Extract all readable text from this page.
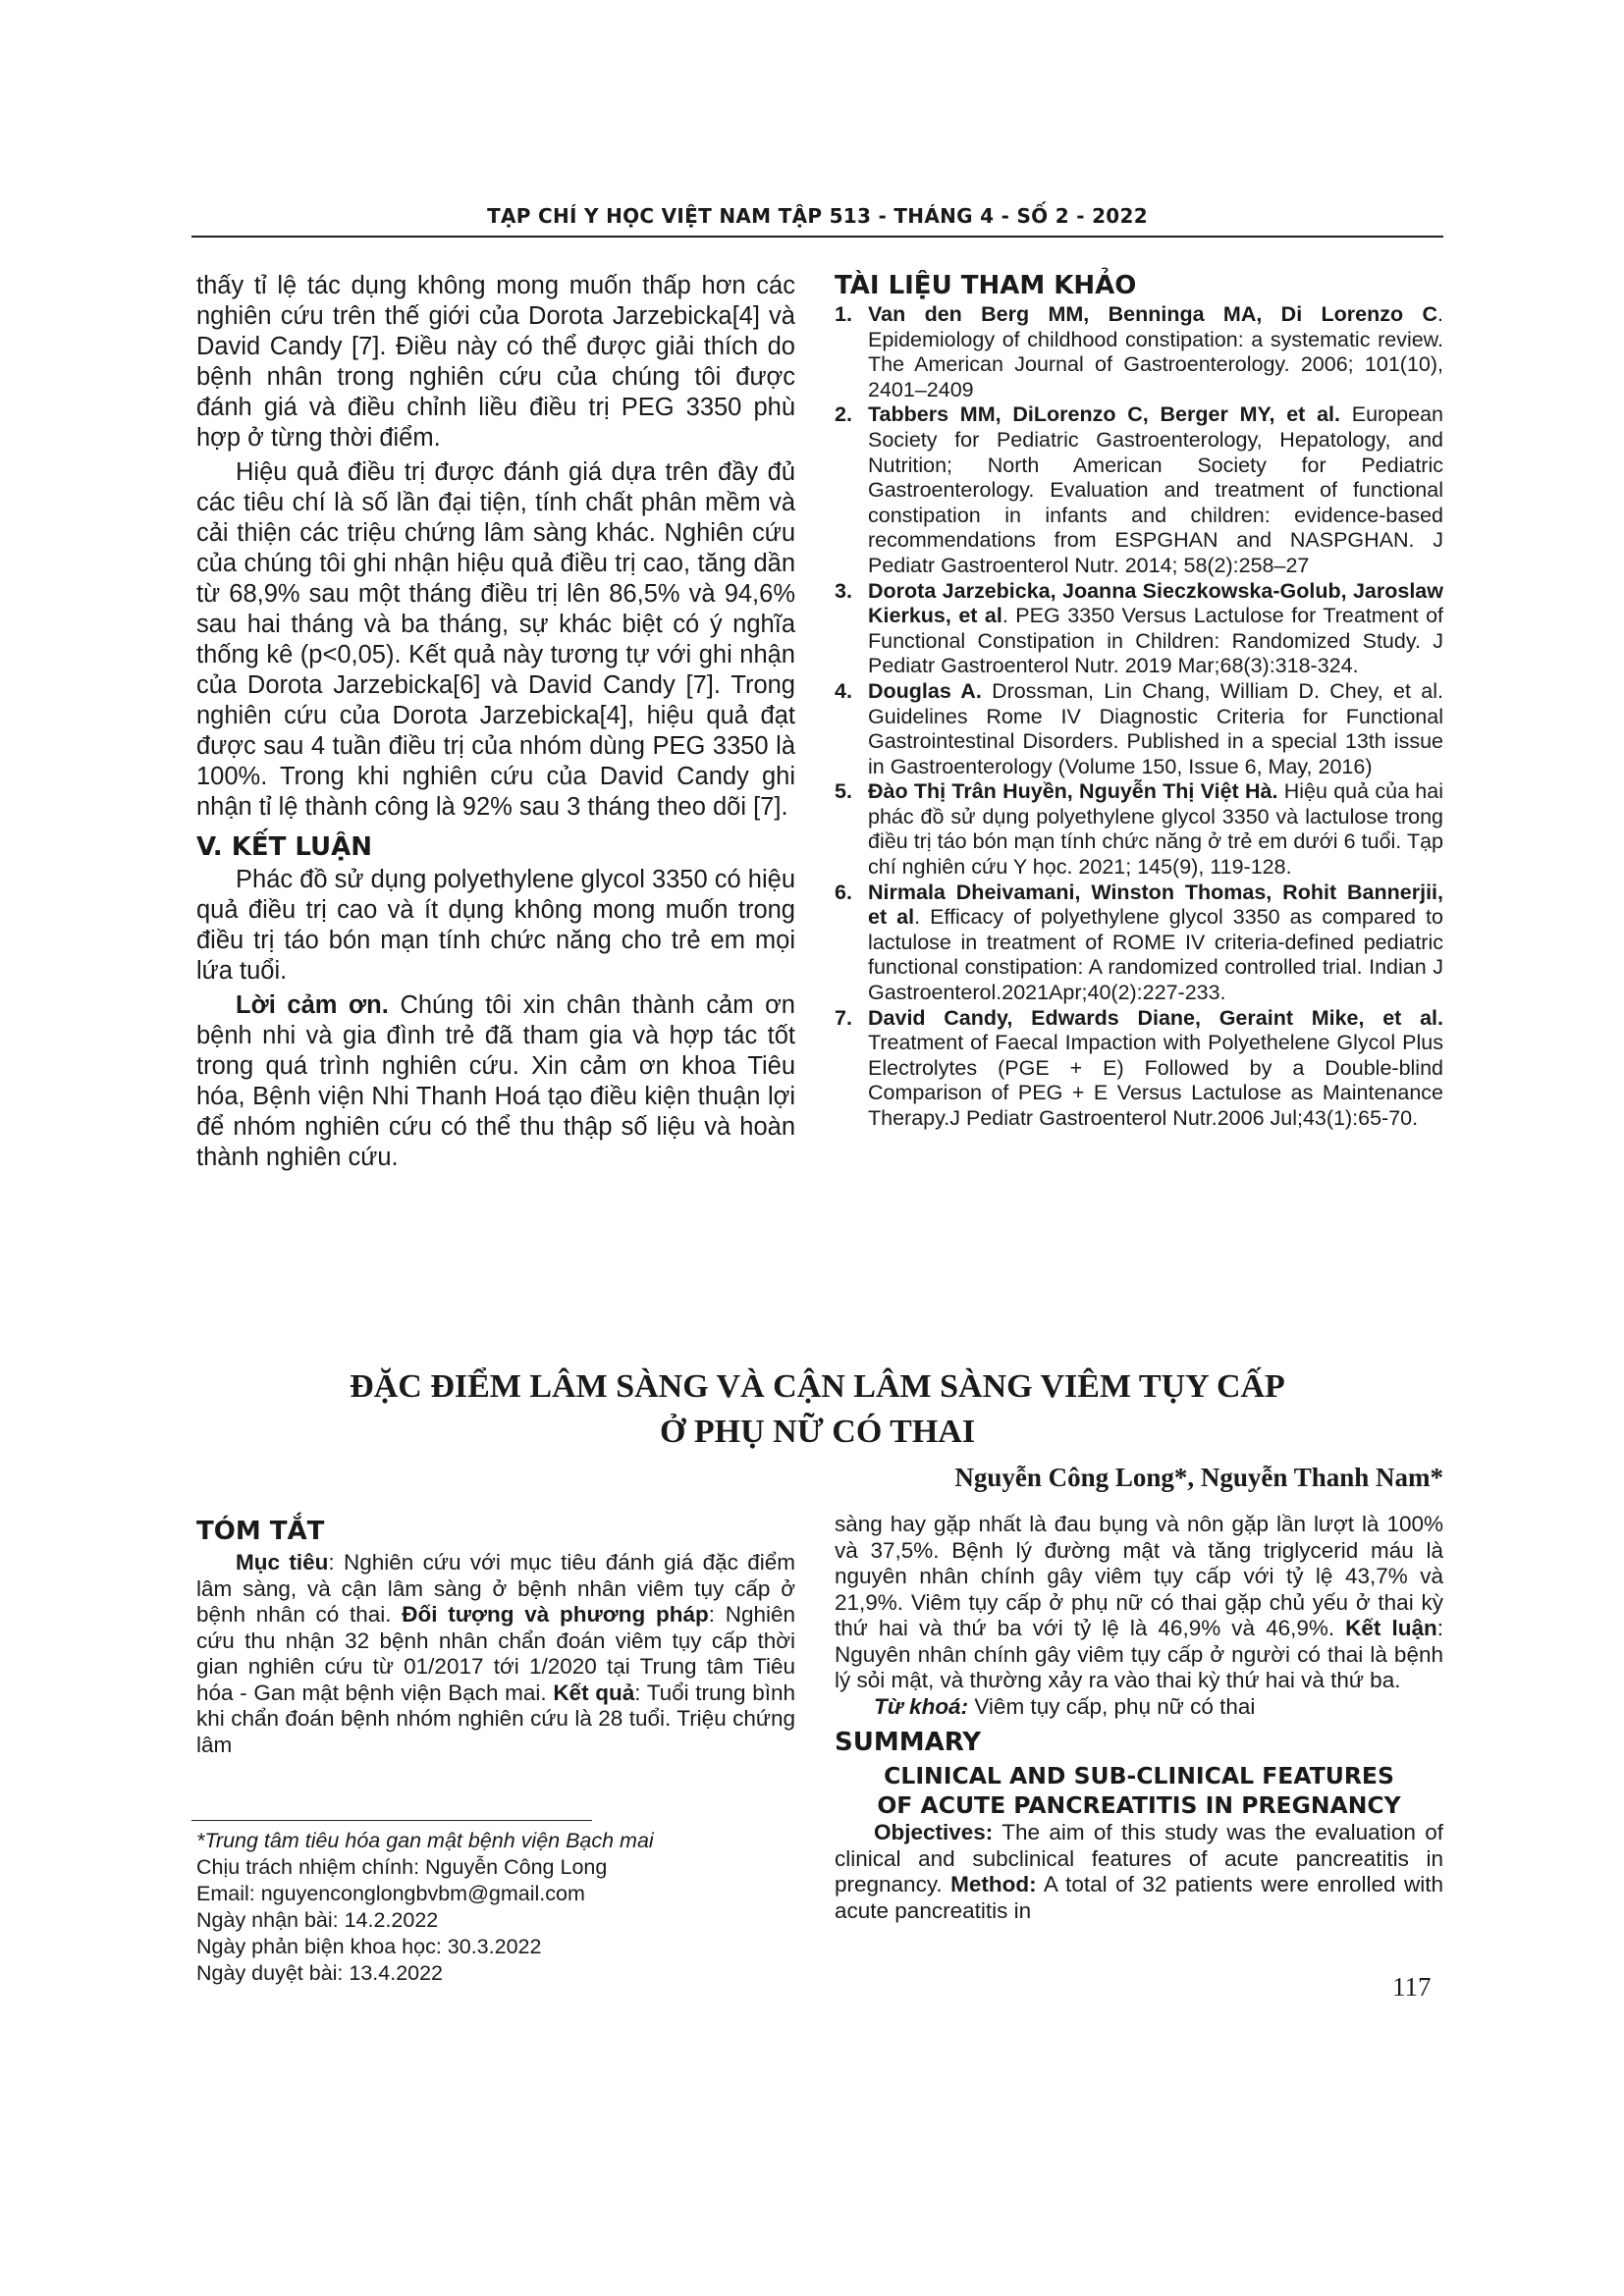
TẠP CHÍ Y HỌC VIỆT NAM TẬP 513 - THÁNG 4 - SỐ 2 - 2022

thấy tỉ lệ tác dụng không mong muốn thấp hơn các nghiên cứu trên thế giới của Dorota Jarzebicka[4] và David Candy [7]. Điều này có thể được giải thích do bệnh nhân trong nghiên cứu của chúng tôi được đánh giá và điều chỉnh liều điều trị PEG 3350 phù hợp ở từng thời điểm.

Hiệu quả điều trị được đánh giá dựa trên đầy đủ các tiêu chí là số lần đại tiện, tính chất phân mềm và cải thiện các triệu chứng lâm sàng khác. Nghiên cứu của chúng tôi ghi nhận hiệu quả điều trị cao, tăng dần từ 68,9% sau một tháng điều trị lên 86,5% và 94,6% sau hai tháng và ba tháng, sự khác biệt có ý nghĩa thống kê (p<0,05). Kết quả này tương tự với ghi nhận của Dorota Jarzebicka[6] và David Candy [7]. Trong nghiên cứu của Dorota Jarzebicka[4], hiệu quả đạt được sau 4 tuần điều trị của nhóm dùng PEG 3350 là 100%. Trong khi nghiên cứu của David Candy ghi nhận tỉ lệ thành công là 92% sau 3 tháng theo dõi [7].

V. KẾT LUẬN

Phác đồ sử dụng polyethylene glycol 3350 có hiệu quả điều trị cao và ít dụng không mong muốn trong điều trị táo bón mạn tính chức năng cho trẻ em mọi lứa tuổi.

Lời cảm ơn. Chúng tôi xin chân thành cảm ơn bệnh nhi và gia đình trẻ đã tham gia và hợp tác tốt trong quá trình nghiên cứu. Xin cảm ơn khoa Tiêu hóa, Bệnh viện Nhi Thanh Hoá tạo điều kiện thuận lợi để nhóm nghiên cứu có thể thu thập số liệu và hoàn thành nghiên cứu.

TÀI LIỆU THAM KHẢO
1. Van den Berg MM, Benninga MA, Di Lorenzo C. Epidemiology of childhood constipation: a systematic review. The American Journal of Gastroenterology. 2006; 101(10), 2401–2409
2. Tabbers MM, DiLorenzo C, Berger MY, et al. European Society for Pediatric Gastroenterology, Hepatology, and Nutrition; North American Society for Pediatric Gastroenterology. Evaluation and treatment of functional constipation in infants and children: evidence-based recommendations from ESPGHAN and NASPGHAN. J Pediatr Gastroenterol Nutr. 2014; 58(2):258–27
3. Dorota Jarzebicka, Joanna Sieczkowska-Golub, Jaroslaw Kierkus, et al. PEG 3350 Versus Lactulose for Treatment of Functional Constipation in Children: Randomized Study. J Pediatr Gastroenterol Nutr. 2019 Mar;68(3):318-324.
4. Douglas A. Drossman, Lin Chang, William D. Chey, et al. Guidelines Rome IV Diagnostic Criteria for Functional Gastrointestinal Disorders. Published in a special 13th issue in Gastroenterology (Volume 150, Issue 6, May, 2016)
5. Đào Thị Trân Huyền, Nguyễn Thị Việt Hà. Hiệu quả của hai phác đồ sử dụng polyethylene glycol 3350 và lactulose trong điều trị táo bón mạn tính chức năng ở trẻ em dưới 6 tuổi. Tạp chí nghiên cứu Y học. 2021; 145(9), 119-128.
6. Nirmala Dheivamani, Winston Thomas, Rohit Bannerjii, et al. Efficacy of polyethylene glycol 3350 as compared to lactulose in treatment of ROME IV criteria-defined pediatric functional constipation: A randomized controlled trial. Indian J Gastroenterol.2021Apr;40(2):227-233.
7. David Candy, Edwards Diane, Geraint Mike, et al. Treatment of Faecal Impaction with Polyethelene Glycol Plus Electrolytes (PGE + E) Followed by a Double-blind Comparison of PEG + E Versus Lactulose as Maintenance Therapy.J Pediatr Gastroenterol Nutr.2006 Jul;43(1):65-70.
ĐẶC ĐIỂM LÂM SÀNG VÀ CẬN LÂM SÀNG VIÊM TỤY CẤP
Ở PHỤ NỮ CÓ THAI
Nguyễn Công Long*, Nguyễn Thanh Nam*
TÓM TẮT

Mục tiêu: Nghiên cứu với mục tiêu đánh giá đặc điểm lâm sàng, và cận lâm sàng ở bệnh nhân viêm tụy cấp ở bệnh nhân có thai. Đối tượng và phương pháp: Nghiên cứu thu nhận 32 bệnh nhân chẩn đoán viêm tụy cấp thời gian nghiên cứu từ 01/2017 tới 1/2020 tại Trung tâm Tiêu hóa - Gan mật bệnh viện Bạch mai. Kết quả: Tuổi trung bình khi chẩn đoán bệnh nhóm nghiên cứu là 28 tuổi. Triệu chứng lâm

*Trung tâm tiêu hóa gan mật bệnh viện Bạch mai
Chịu trách nhiệm chính: Nguyễn Công Long
Email: nguyenconglongbvbm@gmail.com
Ngày nhận bài: 14.2.2022
Ngày phản biện khoa học: 30.3.2022
Ngày duyệt bài: 13.4.2022

sàng hay gặp nhất là đau bụng và nôn gặp lần lượt là 100% và 37,5%. Bệnh lý đường mật và tăng triglycerid máu là nguyên nhân chính gây viêm tụy cấp với tỷ lệ 43,7% và 21,9%. Viêm tụy cấp ở phụ nữ có thai gặp chủ yếu ở thai kỳ thứ hai và thứ ba với tỷ lệ là 46,9% và 46,9%. Kết luận: Nguyên nhân chính gây viêm tụy cấp ở người có thai là bệnh lý sỏi mật, và thường xảy ra vào thai kỳ thứ hai và thứ ba.

Từ khoá: Viêm tụy cấp, phụ nữ có thai

SUMMARY
CLINICAL AND SUB-CLINICAL FEATURES
OF ACUTE PANCREATITIS IN PREGNANCY

Objectives: The aim of this study was the evaluation of clinical and subclinical features of acute pancreatitis in pregnancy. Method: A total of 32 patients were enrolled with acute pancreatitis in

117
